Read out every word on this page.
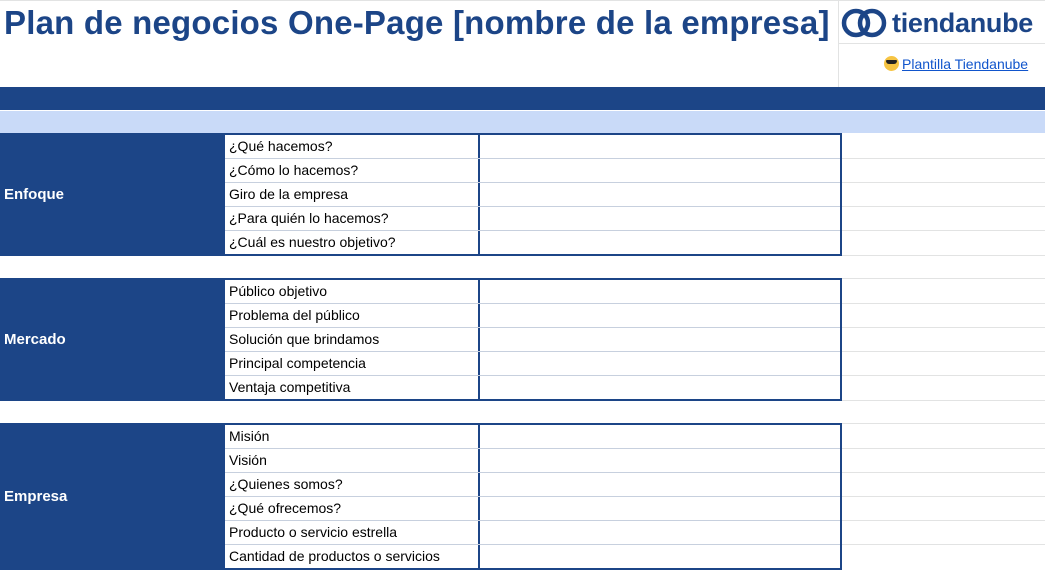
Plan de negocios One-Page [nombre de la empresa] tiendanube
Plantilla Tiendanube
Enfoque
¿Qué hacemos?
¿Cómo lo hacemos?
Giro de la empresa
¿Para quién lo hacemos?
¿Cuál es nuestro objetivo?
Mercado
Público objetivo
Problema del público
Solución que brindamos
Principal competencia
Ventaja competitiva
Empresa
Misión
Visión
¿Quienes somos?
¿Qué ofrecemos?
Producto o servicio estrella
Cantidad de productos o servicios
